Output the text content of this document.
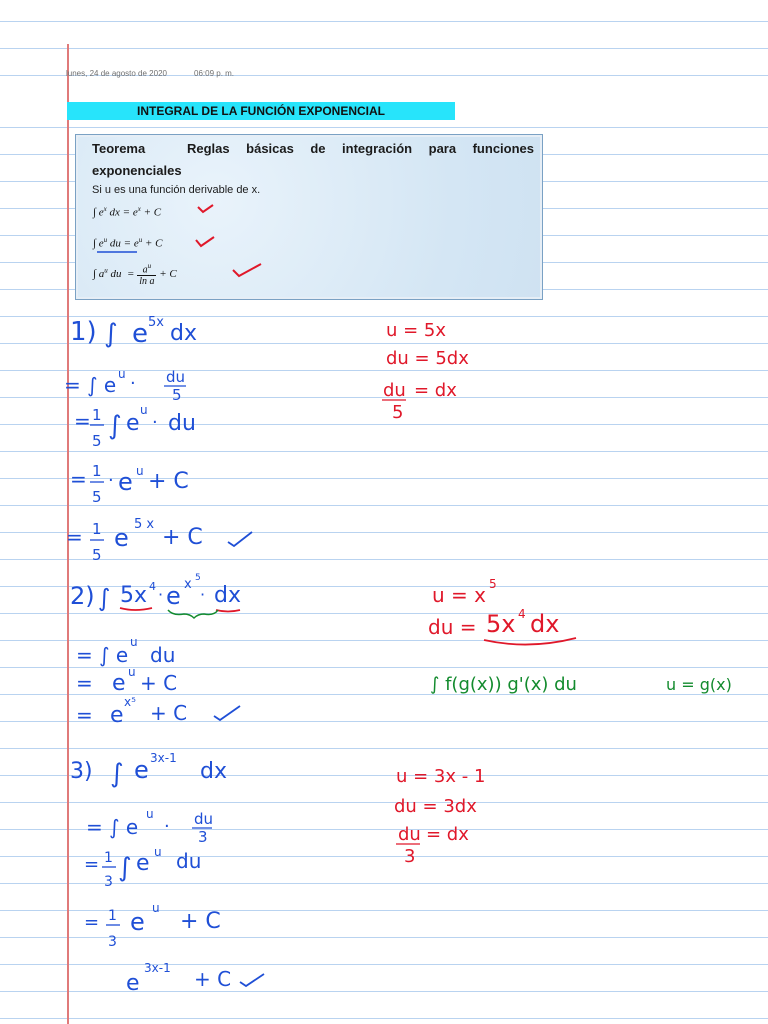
lunes, 24 de agosto de 2020	06:09 p. m.
INTEGRAL DE LA FUNCIÓN EXPONENCIAL
Teorema	Reglas básicas de integración para funciones exponenciales
Si u es una función derivable de x.
∫ $e^x$ dx = $e^x + C$
∫ $e^u$ du = $e^u + C$
∫ $a^u$ du  = $\frac{a^u}{\text{ln a}} + C$
1) ∫ e 5x dx
= ∫ e u · du
5
= 1
5 ∫ e
u
· du
= 1
5
· e u + C
= 1
5
e 5 x
+ C
u = 5x
du = 5dx
du
5
= dx
2) ∫ 5x 4 · e x 5
· dx
= ∫ e
u
du
= e u + C
= e
x⁵ + C
u = x 5
du = 5x 4 dx
∫ f(g(x)) g'(x) du	u = g(x)
3) ∫ e 3x-1
dx
= ∫ e
u
· du
3
= 1
3 ∫ e u du
= 1
3
e u
+ C
e
3x-1 + C
u = 3x - 1
du = 3dx
du
3
= dx
